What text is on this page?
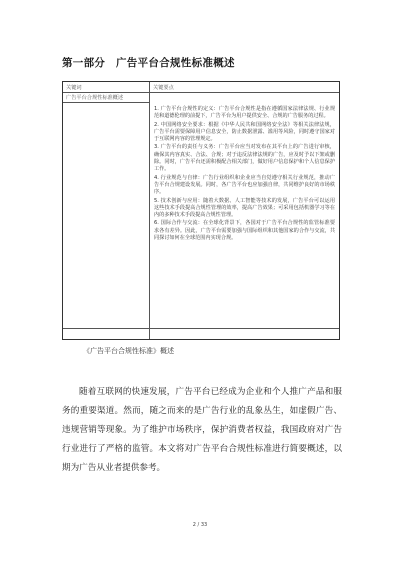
第一部分　广告平台合规性标准概述
关键词	关键要点
广告平台合规性标准概述

1. 广告平台合规性的定义：广告平台合规性是指在遵循国家法律法规、行业规范和道德伦理的前提下，广告平台为用户提供安全、合规的广告服务的过程。

2. 中国网络安全要求：根据《中华人民共和国网络安全法》等相关法律法规，广告平台需要保障用户信息安全，防止数据泄露、滥用等风险，同时遵守国家对于互联网内容的管理规定。

3. 广告平台的责任与义务：广告平台应当对发布在其平台上的广告进行审核，确保其内容真实、合法、合规；对于违反法律法规的广告，应及时予以下架或删除。同时，广告平台还需积极配合相关部门，做好用户信息保护和个人信息保护工作。

4. 行业规范与自律：广告行业组织和企业应当自觉遵守相关行业规范，推动广告平台合规建设发展。同时，各广告平台也应加强自律，共同维护良好的市场秩序。

5. 技术创新与应用：随着大数据、人工智能等技术的发展，广告平台可以运用这些技术手段提高合规性管理的效率，提高广告效果；可采用包括机器学习等在内的多种技术手段提高合规性管理。

6. 国际合作与交流：在全球化背景下，各国对于广告平台合规性的监管标准要求各有差异。因此，广告平台需要加强与国际组织和其他国家的合作与交流，共同探讨如何在全球范围内实现合规。

《广告平台合规性标准》概述

随着互联网的快速发展，广告平台已经成为企业和个人推广产品和服务的重要渠道。然而，随之而来的是广告行业的乱象丛生，如虚假广告、违规营销等现象。为了维护市场秩序，保护消费者权益，我国政府对广告行业进行了严格的监管。本文将对广告平台合规性标准进行简要概述，以期为广告从业者提供参考。

2 / 33
